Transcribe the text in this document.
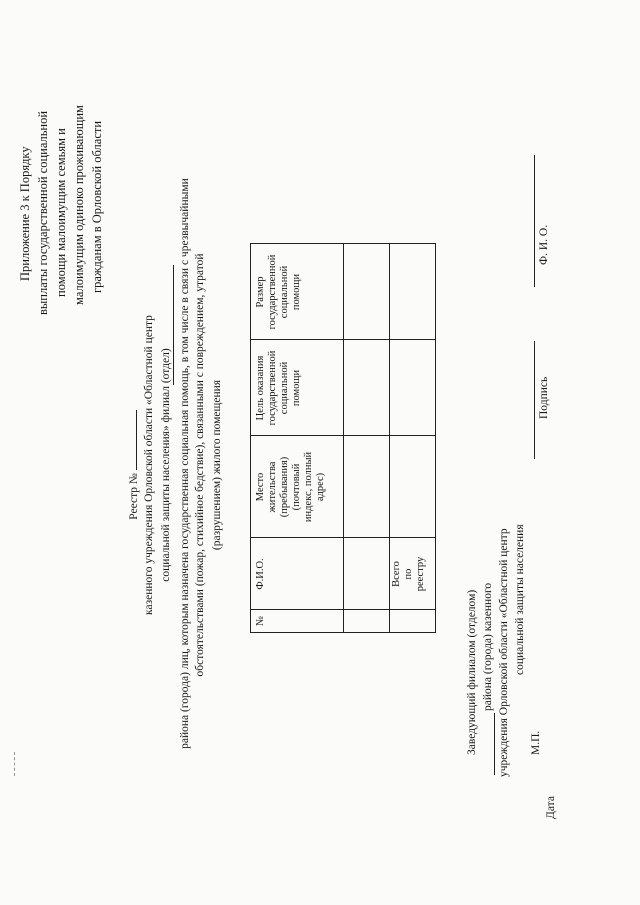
Приложение 3 к Порядку выплаты государственной социальной помощи малоимущим семьям и малоимущим одиноко проживающим гражданам в Орловской области
Реестр № казенного учреждения Орловской области «Областной центр социальной защиты населения» филиал (отдел) района (города) лиц, которым назначена государственная социальная помощь, в том числе в связи с чрезвычайными обстоятельствами (пожар, стихийное бедствие), связанными с повреждением, утратой (разрушением) жилого помещения
№
Ф.И.О.
Место
жительства
(пребывания)
(почтовый
индекс, полный
адрес)
Цель оказания
государственной
социальной
помощи
Размер
государственной
социальной
помощи
Всего
по
реестру
Заведующий филиалом (отделом) района (города) казенного учреждения Орловской области «Областной центр социальной защиты населения
М.П.
Дата
Подпись
Ф. И. О.
